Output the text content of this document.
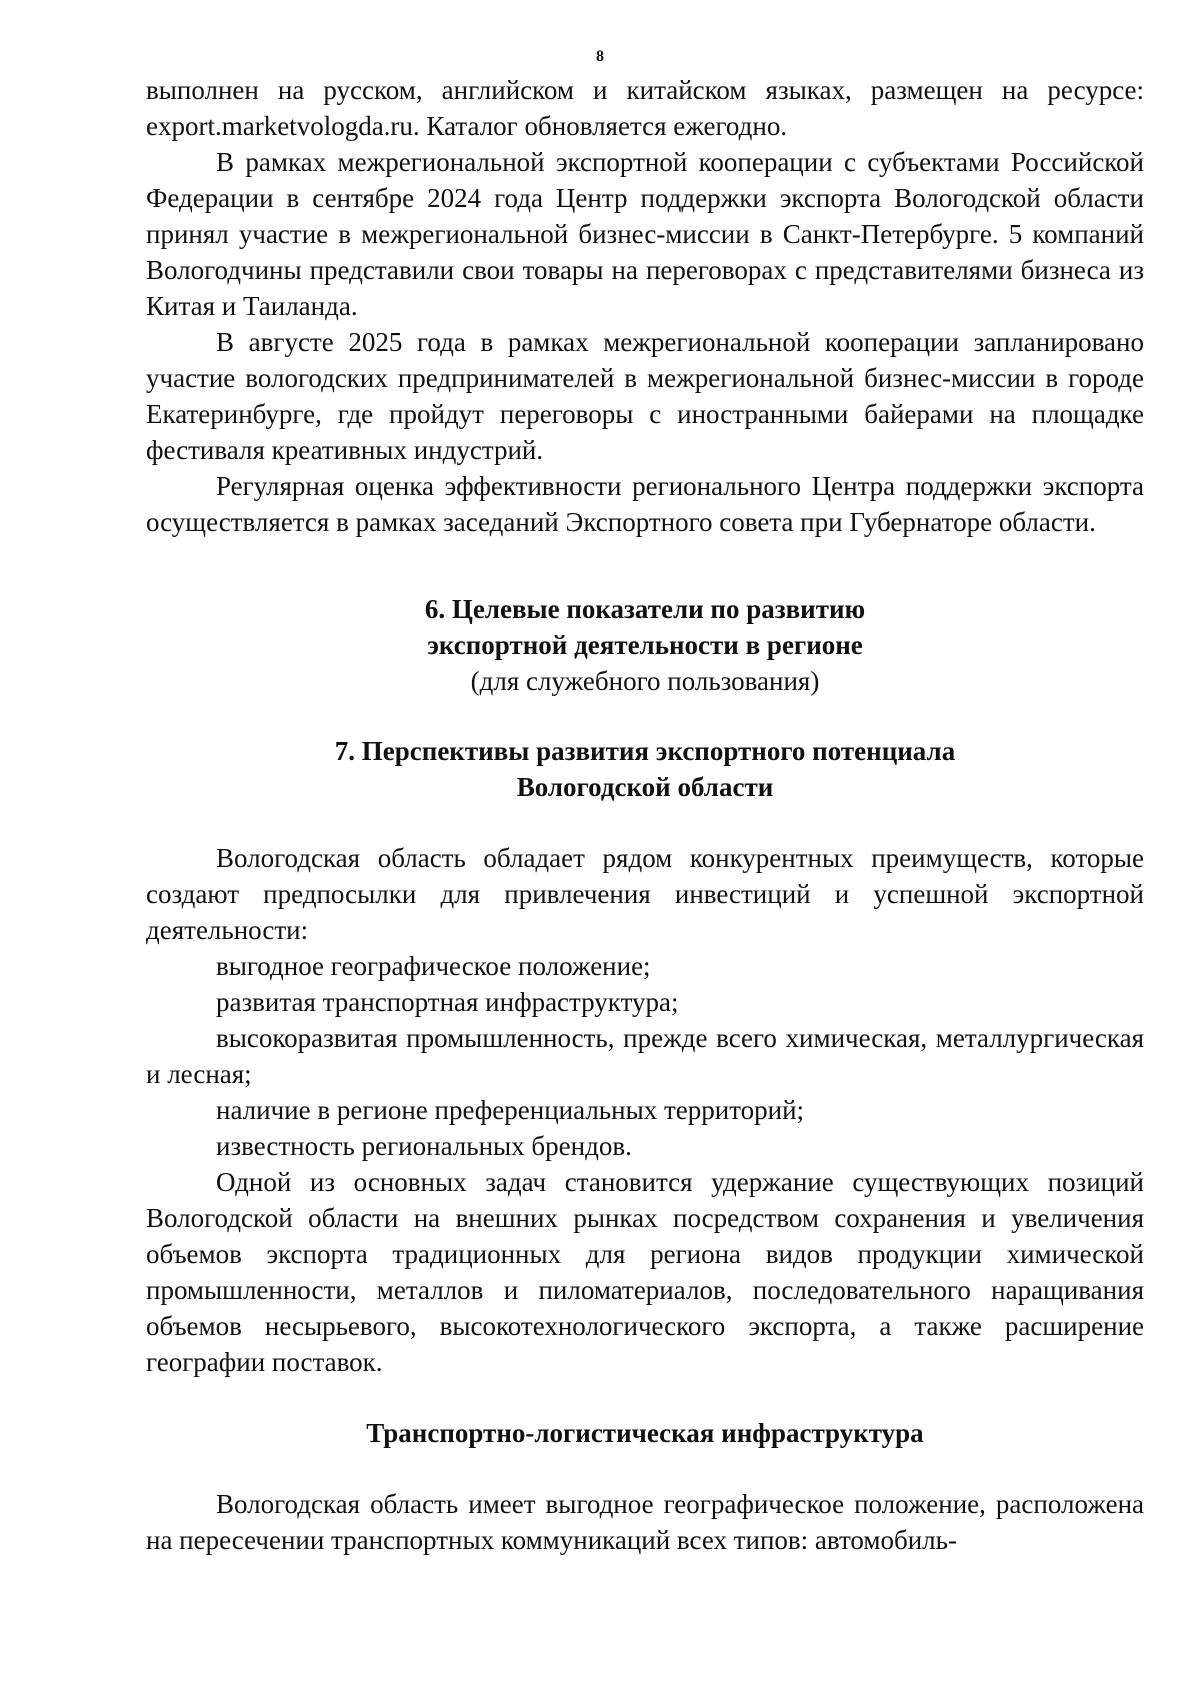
8

выполнен на русском, английском и китайском языках, размещен на ресурсе: export.marketvologda.ru. Каталог обновляется ежегодно.

В рамках межрегиональной экспортной кооперации с субъектами Российской Федерации в сентябре 2024 года Центр поддержки экспорта Вологодской области принял участие в межрегиональной бизнес-миссии в Санкт-Петербурге. 5 компаний Вологодчины представили свои товары на переговорах с представителями бизнеса из Китая и Таиланда.

В августе 2025 года в рамках межрегиональной кооперации запланировано участие вологодских предпринимателей в межрегиональной бизнес-миссии в городе Екатеринбурге, где пройдут переговоры с иностранными байерами на площадке фестиваля креативных индустрий.

Регулярная оценка эффективности регионального Центра поддержки экспорта осуществляется в рамках заседаний Экспортного совета при Губернаторе области.

6. Целевые показатели по развитию

экспортной деятельности в регионе

(для служебного пользования)

7. Перспективы развития экспортного потенциала

Вологодской области

Вологодская область обладает рядом конкурентных преимуществ, которые создают предпосылки для привлечения инвестиций и успешной экспортной деятельности:

выгодное географическое положение;

развитая транспортная инфраструктура;

высокоразвитая промышленность, прежде всего химическая, металлургическая и лесная;

наличие в регионе преференциальных территорий;

известность региональных брендов.

Одной из основных задач становится удержание существующих позиций Вологодской области на внешних рынках посредством сохранения и увеличения объемов экспорта традиционных для региона видов продукции химической промышленности, металлов и пиломатериалов, последовательного наращивания объемов несырьевого, высокотехнологического экспорта, а также расширение географии поставок.

Транспортно-логистическая инфраструктура

Вологодская область имеет выгодное географическое положение, расположена на пересечении транспортных коммуникаций всех типов: автомобиль-
